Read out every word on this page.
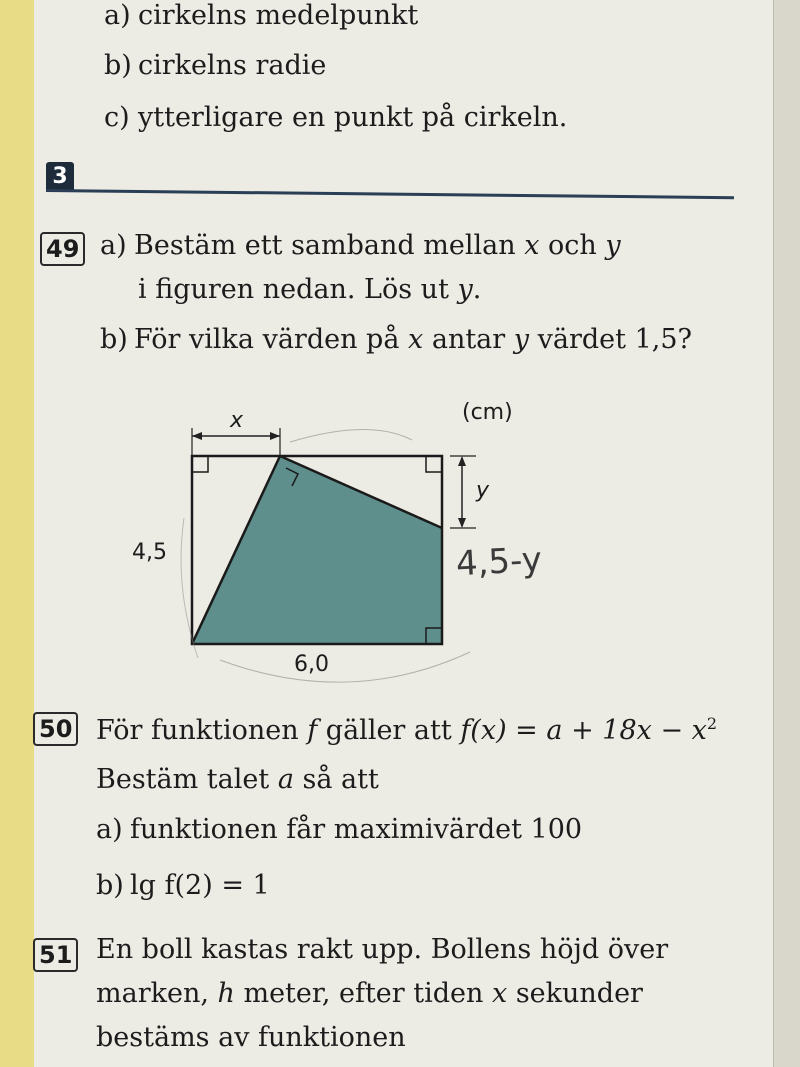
a) cirkelns medelpunkt
b) cirkelns radie
c) ytterligare en punkt på cirkeln.
3
49 a) Bestäm ett samband mellan x och y
i figuren nedan. Lös ut y.
b) För vilka värden på x antar y värdet 1,5?
(cm)
x
y
4,5
6,0
4,5-y
50 För funktionen f gäller att $f(x) = a + 18x - x^2$
Bestäm talet a så att
a) funktionen får maximivärdet 100
b) lg f(2) = 1
51 En boll kastas rakt upp. Bollens höjd över
marken, h meter, efter tiden x sekunder
bestäms av funktionen
